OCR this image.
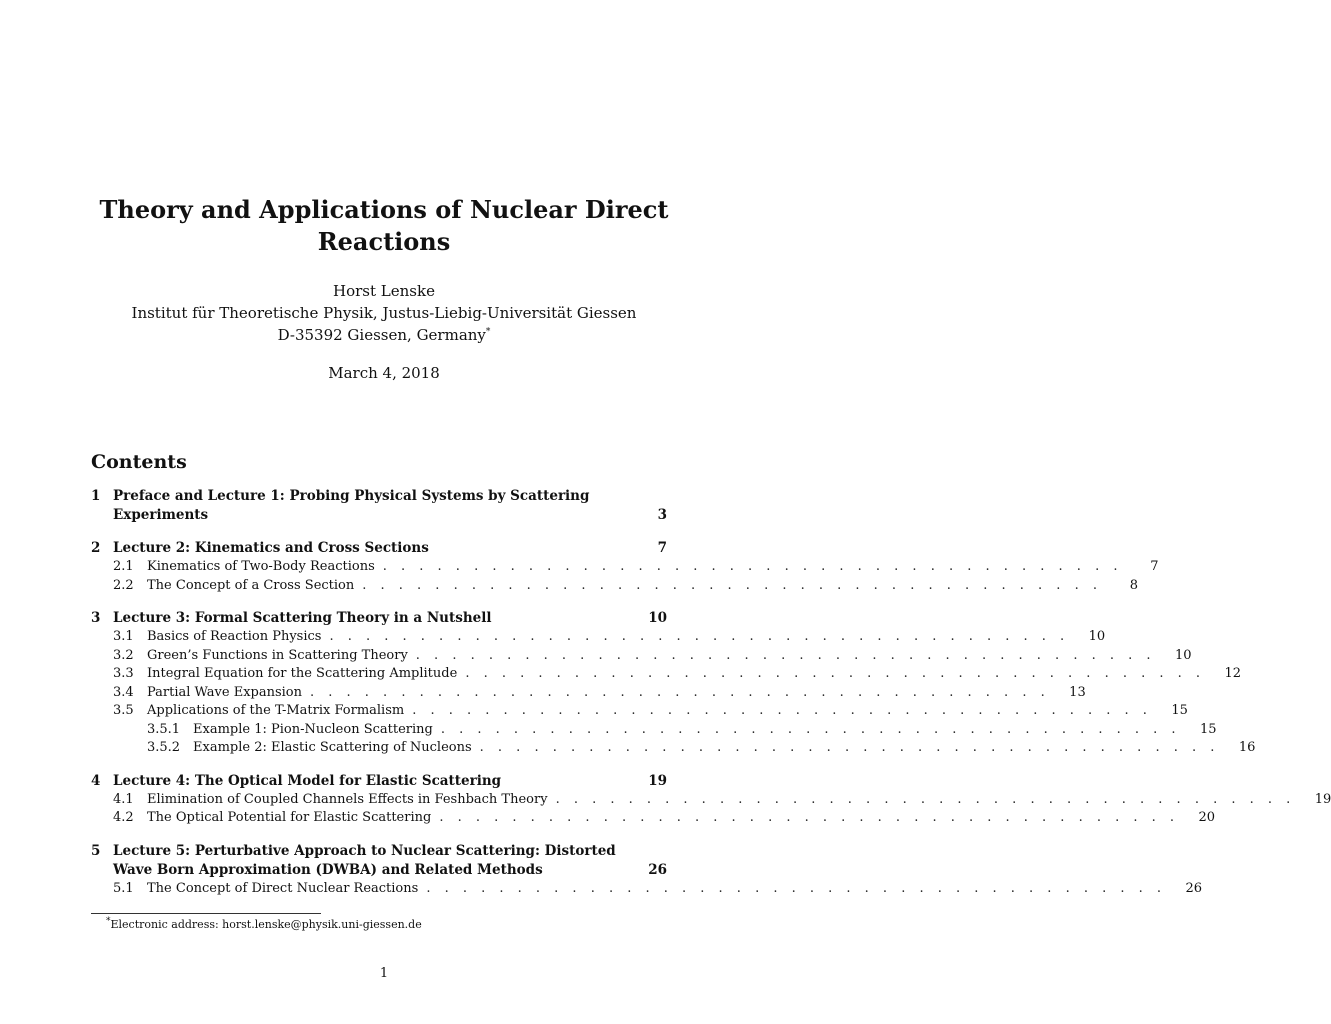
Theory and Applications of Nuclear Direct Reactions
Horst Lenske
Institut für Theoretische Physik, Justus-Liebig-Universität Giessen
D-35392 Giessen, Germany*
March 4, 2018
Contents
1 Preface and Lecture 1: Probing Physical Systems by Scattering Experiments	3
2 Lecture 2: Kinematics and Cross Sections	7
2.1	Kinematics of Two-Body Reactions . . . . . . . . . . . . . . . . . . . . . . . . . . . . . . . . . . . . . . . . .	7
2.2	The Concept of a Cross Section . . . . . . . . . . . . . . . . . . . . . . . . . . . . . . . . . . . . . . . . .	8
3 Lecture 3: Formal Scattering Theory in a Nutshell	10
3.1	Basics of Reaction Physics . . . . . . . . . . . . . . . . . . . . . . . . . . . . . . . . . . . . . . . . .	10
3.2	Green’s Functions in Scattering Theory . . . . . . . . . . . . . . . . . . . . . . . . . . . . . . . . . . . . . . . . .	10
3.3	Integral Equation for the Scattering Amplitude . . . . . . . . . . . . . . . . . . . . . . . . . . . . . . . . . . . . . . . . .	12
3.4	Partial Wave Expansion . . . . . . . . . . . . . . . . . . . . . . . . . . . . . . . . . . . . . . . . .	13
3.5	Applications of the T-Matrix Formalism . . . . . . . . . . . . . . . . . . . . . . . . . . . . . . . . . . . . . . . . .	15
3.5.1 Example 1: Pion-Nucleon Scattering . . . . . . . . . . . . . . . . . . . . . . . . . . . . . . . . . . . . . . . . .	15
3.5.2 Example 2: Elastic Scattering of Nucleons . . . . . . . . . . . . . . . . . . . . . . . . . . . . . . . . . . . . . . . . .	16
4 Lecture 4: The Optical Model for Elastic Scattering	19
4.1	Elimination of Coupled Channels Effects in Feshbach Theory . . . . . . . . . . . . . . . . . . . . . . . . . . . . . . . . . . . . . . . . .	19
4.2	The Optical Potential for Elastic Scattering . . . . . . . . . . . . . . . . . . . . . . . . . . . . . . . . . . . . . . . . .	20
5 Lecture 5: Perturbative Approach to Nuclear Scattering: Distorted Wave Born Approximation (DWBA) and Related Methods	26
5.1	The Concept of Direct Nuclear Reactions . . . . . . . . . . . . . . . . . . . . . . . . . . . . . . . . . . . . . . . . .	26
*Electronic address: horst.lenske@physik.uni-giessen.de
1
